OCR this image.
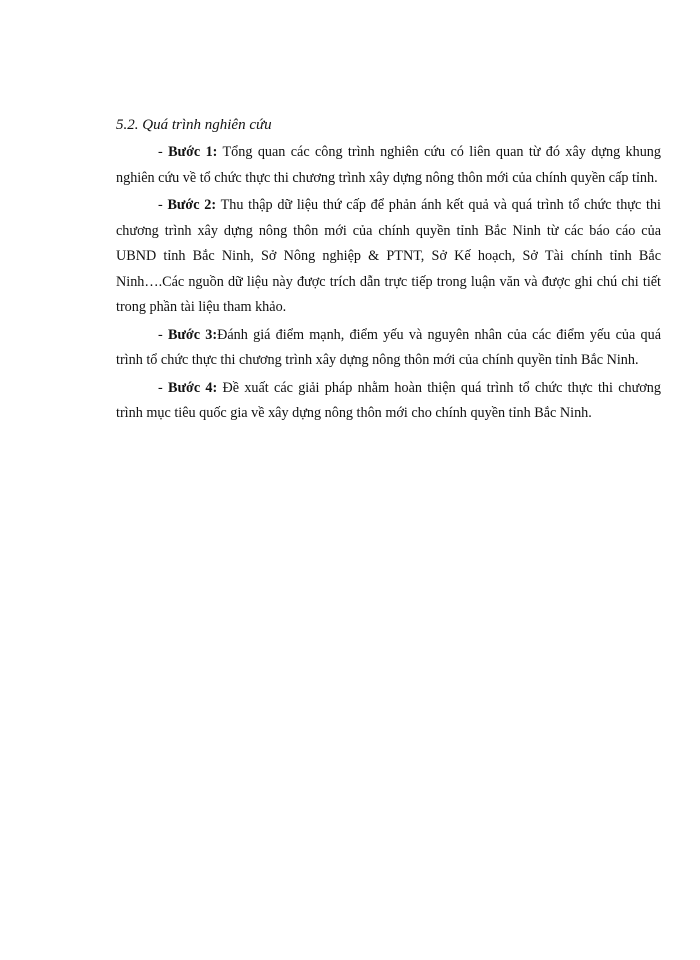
5.2. Quá trình nghiên cứu

- Bước 1: Tổng quan các công trình nghiên cứu có liên quan từ đó xây dựng khung nghiên cứu về tổ chức thực thi chương trình xây dựng nông thôn mới của chính quyền cấp tỉnh.

- Bước 2: Thu thập dữ liệu thứ cấp để phản ánh kết quả và quá trình tổ chức thực thi chương trình xây dựng nông thôn mới của chính quyền tỉnh Bắc Ninh từ các báo cáo của UBND tỉnh Bắc Ninh, Sở Nông nghiệp & PTNT, Sở Kế hoạch, Sở Tài chính tỉnh Bắc Ninh….Các nguồn dữ liệu này được trích dẫn trực tiếp trong luận văn và được ghi chú chi tiết trong phần tài liệu tham khảo.

- Bước 3:Đánh giá điểm mạnh, điểm yếu và nguyên nhân của các điểm yếu của quá trình tổ chức thực thi chương trình xây dựng nông thôn mới của chính quyền tỉnh Bắc Ninh.

- Bước 4: Đề xuất các giải pháp nhằm hoàn thiện quá trình tổ chức thực thi chương trình mục tiêu quốc gia về xây dựng nông thôn mới cho chính quyền tỉnh Bắc Ninh.
